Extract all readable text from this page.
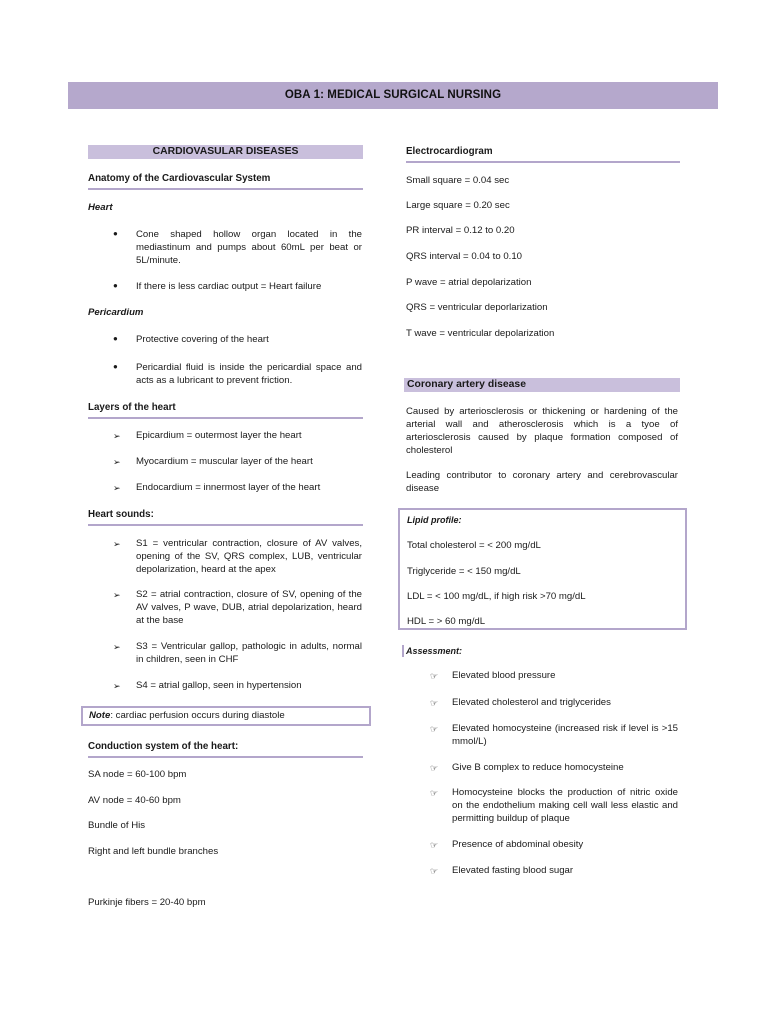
OBA 1: MEDICAL SURGICAL NURSING
CARDIOVASULAR DISEASES
Anatomy of the Cardiovascular System
Heart
●	Cone shaped hollow organ located in the mediastinum and pumps about 60mL per beat or 5L/minute.
●	If there is less cardiac output = Heart failure
Pericardium
●	Protective covering of the heart
●	Pericardial fluid is inside the pericardial space and acts as a lubricant to prevent friction.
Layers of the heart
➢	Epicardium = outermost layer the heart
➢	Myocardium = muscular layer of the heart
➢	Endocardium = innermost layer of the heart
Heart sounds:
➢	S1 = ventricular contraction, closure of AV valves, opening of the SV, QRS complex, LUB, ventricular depolarization, heard at the apex
➢	S2 = atrial contraction, closure of SV, opening of the AV valves, P wave, DUB, atrial depolarization, heard at the base
➢	S3 = Ventricular gallop, pathologic in adults, normal in children, seen in CHF
➢	S4 = atrial gallop, seen in hypertension
Note: cardiac perfusion occurs during diastole
Conduction system of the heart:
SA node = 60-100 bpm
AV node = 40-60 bpm
Bundle of His
Right and left bundle branches
Purkinje fibers = 20-40 bpm
Electrocardiogram
Small square = 0.04 sec
Large square = 0.20 sec
PR interval = 0.12 to 0.20
QRS interval = 0.04 to 0.10
P wave = atrial depolarization
QRS = ventricular deporlarization
T wave = ventricular depolarization
Coronary artery disease
Caused by arteriosclerosis or thickening or hardening of the arterial wall and atherosclerosis which is a tyoe of arteriosclerosis caused by plaque formation composed of cholesterol
Leading contributor to coronary artery and cerebrovascular disease
Lipid profile:
Total cholesterol = < 200 mg/dL
Triglyceride = < 150 mg/dL
LDL = < 100 mg/dL, if high risk >70 mg/dL
HDL = > 60 mg/dL
Assessment:
☞	Elevated blood pressure
☞	Elevated cholesterol and triglycerides
☞	Elevated homocysteine (increased risk if level is >15 mmol/L)
☞	Give B complex to reduce homocysteine
☞	Homocysteine blocks the production of nitric oxide on the endothelium making cell wall less elastic and permitting buildup of plaque
☞	Presence of abdominal obesity
☞	Elevated fasting blood sugar
